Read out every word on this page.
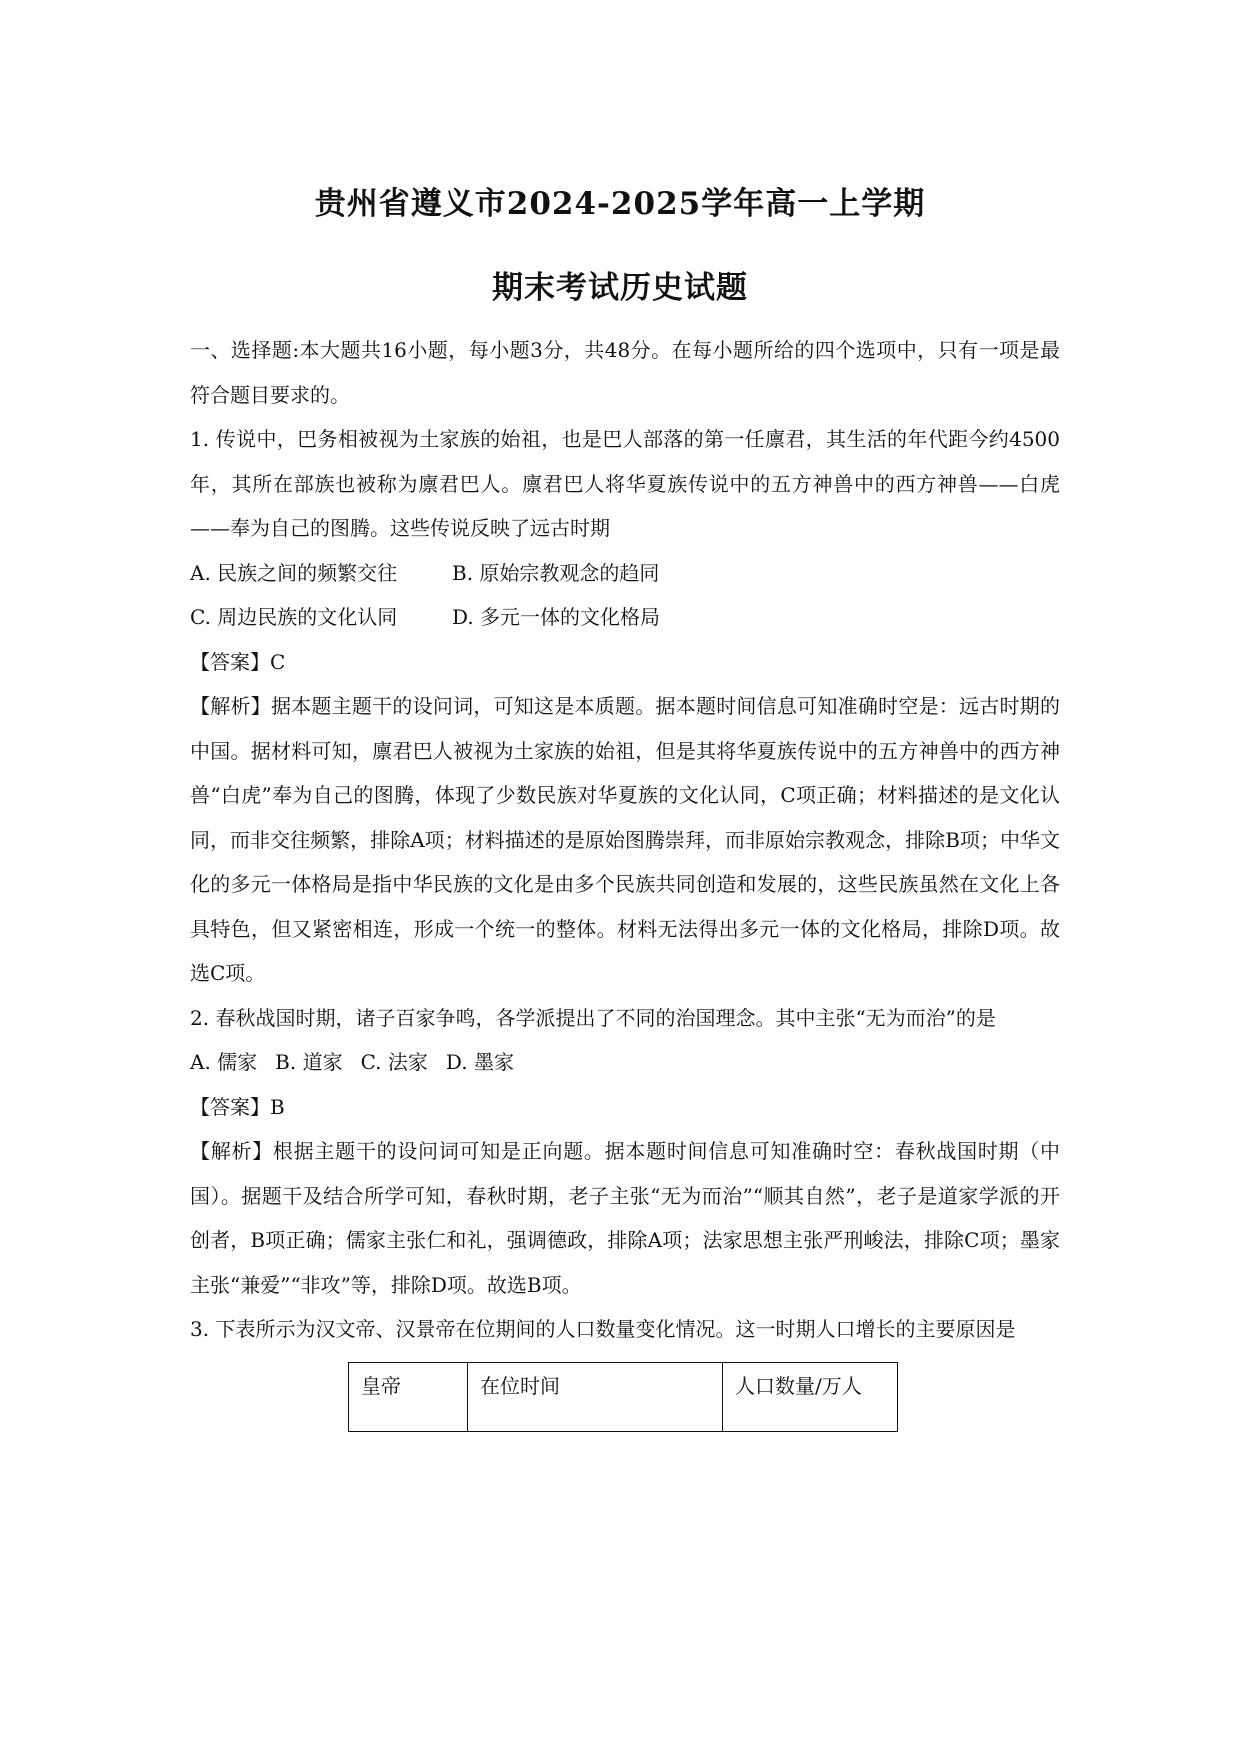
贵州省遵义市2024-2025学年高一上学期
期末考试历史试题

一、选择题:本大题共16小题，每小题3分，共48分。在每小题所给的四个选项中，只有一项是最符合题目要求的。

1. 传说中，巴务相被视为土家族的始祖，也是巴人部落的第一任廪君，其生活的年代距今约4500年，其所在部族也被称为廪君巴人。廪君巴人将华夏族传说中的五方神兽中的西方神兽——白虎——奉为自己的图腾。这些传说反映了远古时期

A. 民族之间的频繁交往	B. 原始宗教观念的趋同

C. 周边民族的文化认同	D. 多元一体的文化格局

【答案】C

【解析】据本题主题干的设问词，可知这是本质题。据本题时间信息可知准确时空是：远古时期的中国。据材料可知，廪君巴人被视为土家族的始祖，但是其将华夏族传说中的五方神兽中的西方神兽“白虎”奉为自己的图腾，体现了少数民族对华夏族的文化认同，C项正确；材料描述的是文化认同，而非交往频繁，排除A项；材料描述的是原始图腾崇拜，而非原始宗教观念，排除B项；中华文化的多元一体格局是指中华民族的文化是由多个民族共同创造和发展的，这些民族虽然在文化上各具特色，但又紧密相连，形成一个统一的整体。材料无法得出多元一体的文化格局，排除D项。故选C项。

2. 春秋战国时期，诸子百家争鸣，各学派提出了不同的治国理念。其中主张“无为而治”的是

A. 儒家 B. 道家 C. 法家 D. 墨家

【答案】B

【解析】根据主题干的设问词可知是正向题。据本题时间信息可知准确时空：春秋战国时期（中国）。据题干及结合所学可知，春秋时期，老子主张“无为而治”“顺其自然”，老子是道家学派的开创者，B项正确；儒家主张仁和礼，强调德政，排除A项；法家思想主张严刑峻法，排除C项；墨家主张“兼爱”“非攻”等，排除D项。故选B项。

3. 下表所示为汉文帝、汉景帝在位期间的人口数量变化情况。这一时期人口增长的主要原因是

皇帝	在位时间	人口数量/万人
